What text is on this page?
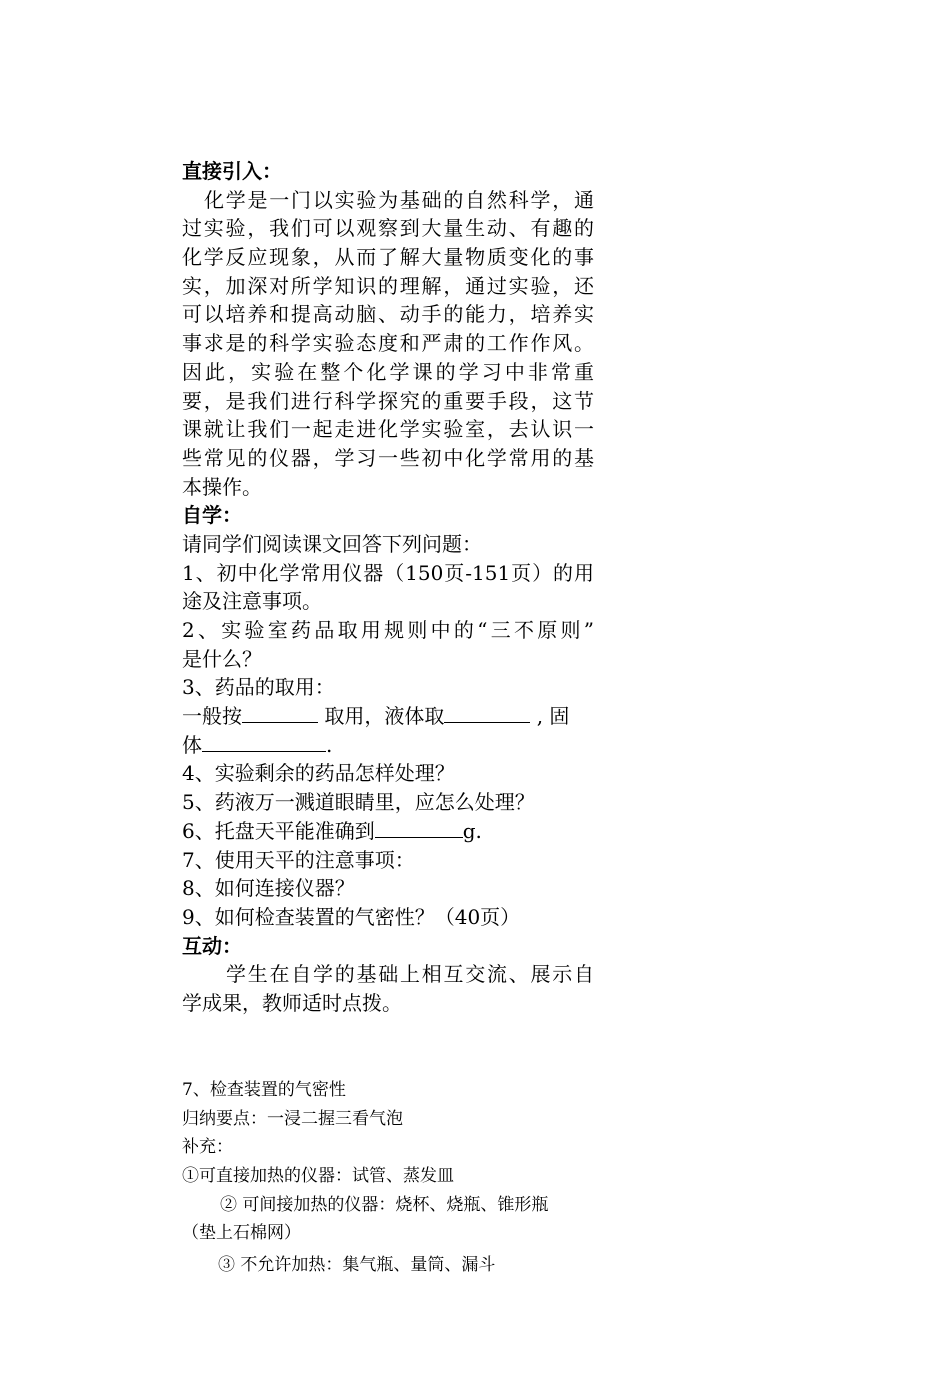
直接引入：
化学是一门以实验为基础的自然科学，通
过实验，我们可以观察到大量生动、有趣的
化学反应现象，从而了解大量物质变化的事
实，加深对所学知识的理解，通过实验，还
可以培养和提高动脑、动手的能力，培养实
事求是的科学实验态度和严肃的工作作风。
因此，实验在整个化学课的学习中非常重
要，是我们进行科学探究的重要手段，这节
课就让我们一起走进化学实验室，去认识一
些常见的仪器，学习一些初中化学常用的基
本操作。
自学：
请同学们阅读课文回答下列问题：
1、初中化学常用仪器（150页-151页）的用
途及注意事项。
2、实验室药品取用规则中的“三不原则”
是什么？
3、药品的取用：
一般按	取用，液体取	, 固
体	.
4、实验剩余的药品怎样处理？
5、药液万一溅道眼睛里，应怎么处理？
6、托盘天平能准确到	g.
7、使用天平的注意事项：
8、如何连接仪器？
9、如何检查装置的气密性？（40页）
互动：
学生在自学的基础上相互交流、展示自
学成果，教师适时点拨。
7、检查装置的气密性
归纳要点：一浸二握三看气泡
补充：
①可直接加热的仪器：试管、蒸发皿
② 可间接加热的仪器：烧杯、烧瓶、锥形瓶
（垫上石棉网）
③ 不允许加热：集气瓶、量筒、漏斗
